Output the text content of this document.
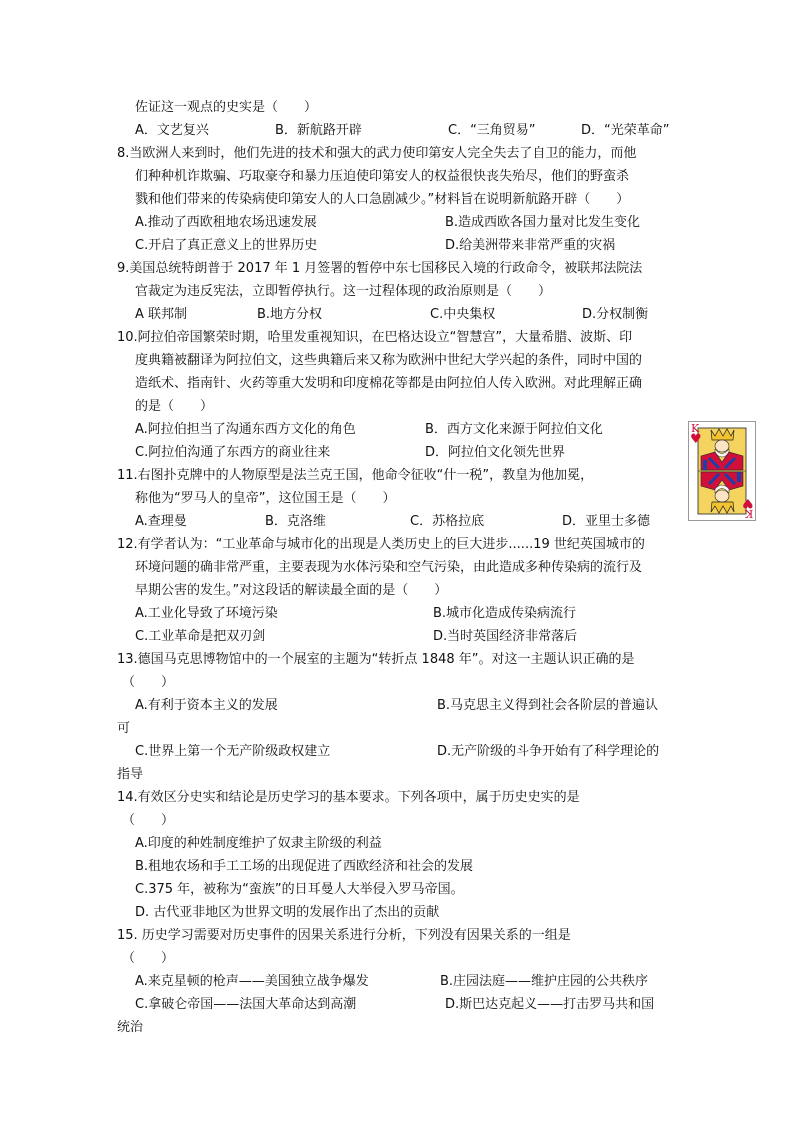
佐证这一观点的史实是（　　）
A．文艺复兴	B．新航路开辟	C．“三角贸易”	D．“光荣革命”
8.当欧洲人来到时，他们先进的技术和强大的武力使印第安人完全失去了自卫的能力，而他
们种种机诈欺骗、巧取豪夺和暴力压迫使印第安人的权益很快丧失殆尽，他们的野蛮杀
戮和他们带来的传染病使印第安人的人口急剧减少。”材料旨在说明新航路开辟（　　）
A.推动了西欧租地农场迅速发展	B.造成西欧各国力量对比发生变化
C.开启了真正意义上的世界历史	D.给美洲带来非常严重的灾祸
9.美国总统特朗普于 2017 年 1 月签署的暂停中东七国移民入境的行政命令，被联邦法院法
官裁定为违反宪法，立即暂停执行。这一过程体现的政治原则是（　　）
A 联邦制	B.地方分权	C.中央集权	D.分权制衡
10.阿拉伯帝国繁荣时期，哈里发重视知识，在巴格达设立“智慧宫”，大量希腊、波斯、印
度典籍被翻译为阿拉伯文，这些典籍后来又称为欧洲中世纪大学兴起的条件，同时中国的
造纸术、指南针、火药等重大发明和印度棉花等都是由阿拉伯人传入欧洲。对此理解正确
的是（　　）
A.阿拉伯担当了沟通东西方文化的角色	B．西方文化来源于阿拉伯文化
C.阿拉伯沟通了东西方的商业往来	D．阿拉伯文化领先世界
11.右图扑克牌中的人物原型是法兰克王国，他命令征收“什一税”，教皇为他加冕，
称他为“罗马人的皇帝”，这位国王是（　　）
A.查理曼	B．克洛维	C．苏格拉底	D．亚里士多德
K
♥
K
♥
12.有学者认为：“工业革命与城市化的出现是人类历史上的巨大进步......19 世纪英国城市的
环境问题的确非常严重，主要表现为水体污染和空气污染，由此造成多种传染病的流行及
早期公害的发生。”对这段话的解读最全面的是（　　）
A.工业化导致了环境污染	B.城市化造成传染病流行
C.工业革命是把双刃剑	D.当时英国经济非常落后
13.德国马克思博物馆中的一个展室的主题为“转折点 1848 年”。对这一主题认识正确的是
（　　）
A.有利于资本主义的发展	B.马克思主义得到社会各阶层的普遍认
可
C.世界上第一个无产阶级政权建立	D.无产阶级的斗争开始有了科学理论的
指导
14.有效区分史实和结论是历史学习的基本要求。下列各项中，属于历史史实的是
（　　）
A.印度的种姓制度维护了奴隶主阶级的利益
B.租地农场和手工工场的出现促进了西欧经济和社会的发展
C.375 年，被称为“蛮族”的日耳曼人大举侵入罗马帝国。
D. 古代亚非地区为世界文明的发展作出了杰出的贡献
15. 历史学习需要对历史事件的因果关系进行分析，下列没有因果关系的一组是
（　　）
A.来克星顿的枪声——美国独立战争爆发	B.庄园法庭——维护庄园的公共秩序
C.拿破仑帝国——法国大革命达到高潮	D.斯巴达克起义——打击罗马共和国
统治
